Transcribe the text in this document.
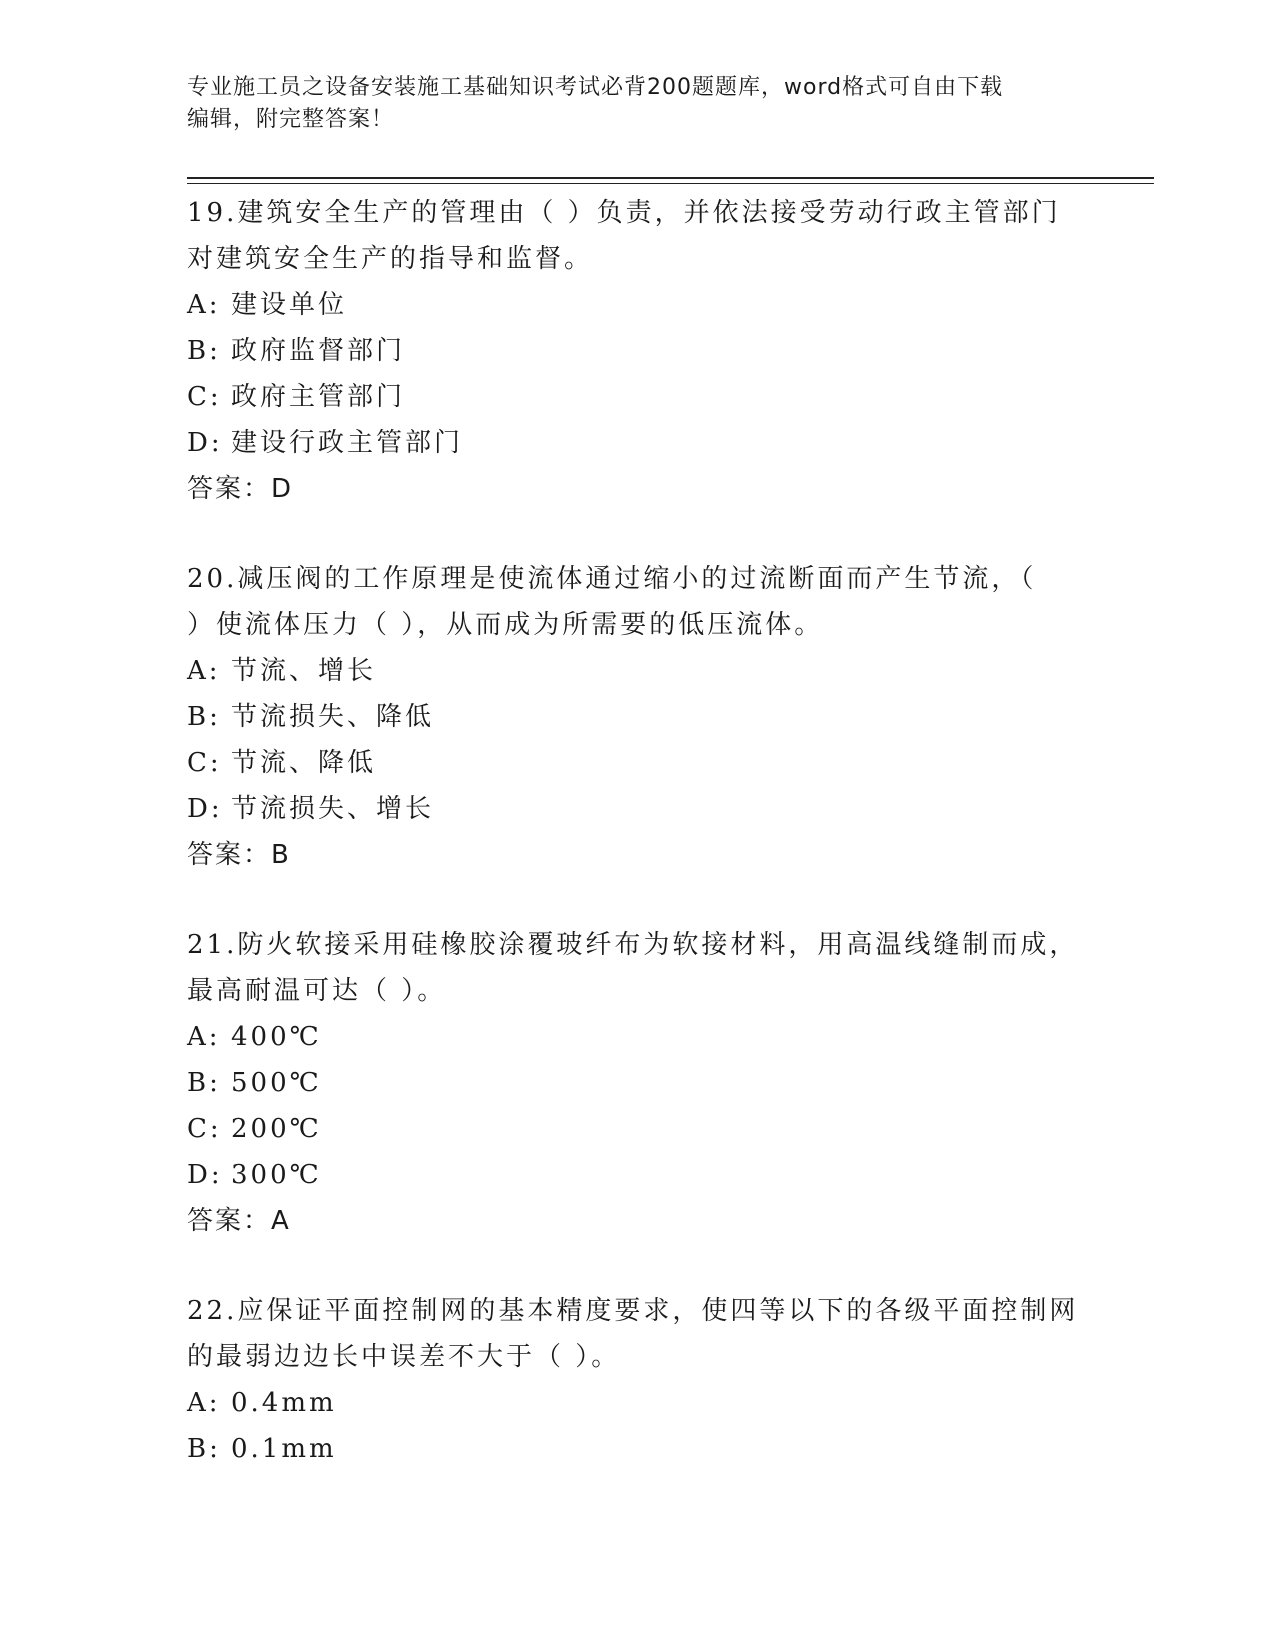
专业施工员之设备安装施工基础知识考试必背200题题库，word格式可自由下载
编辑，附完整答案！
19.建筑安全生产的管理由（ ）负责，并依法接受劳动行政主管部门
对建筑安全生产的指导和监督。
A: 建设单位
B: 政府监督部门
C: 政府主管部门
D: 建设行政主管部门
答案：D
20.减压阀的工作原理是使流体通过缩小的过流断面而产生节流，（
）使流体压力（ ），从而成为所需要的低压流体。
A: 节流、增长
B: 节流损失、降低
C: 节流、降低
D: 节流损失、增长
答案：B
21.防火软接采用硅橡胶涂覆玻纤布为软接材料，用高温线缝制而成，
最高耐温可达（ ）。
A: 400℃
B: 500℃
C: 200℃
D: 300℃
答案：A
22.应保证平面控制网的基本精度要求，使四等以下的各级平面控制网
的最弱边边长中误差不大于（ ）。
A: 0.4mm
B: 0.1mm
